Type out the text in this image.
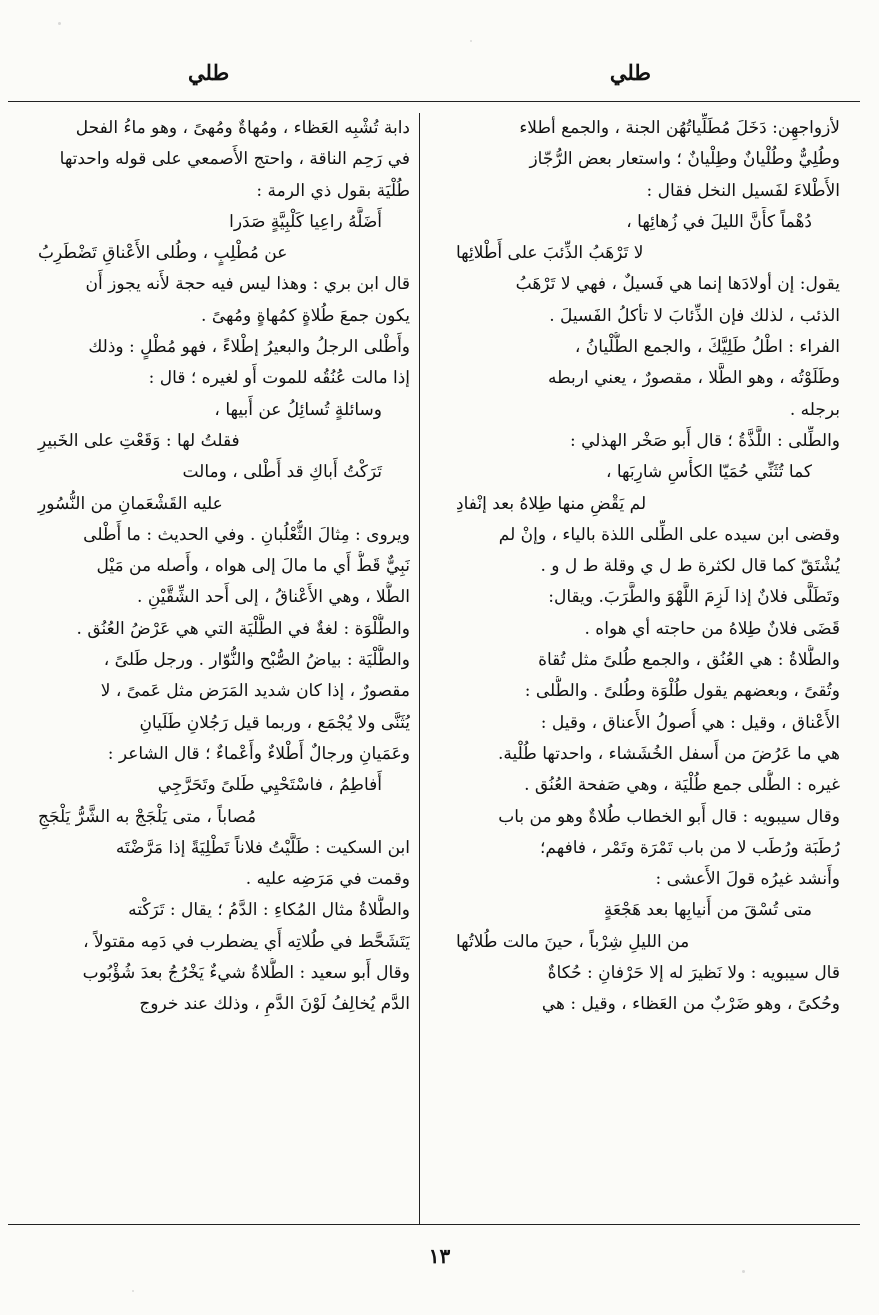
طلي
طلي
لأزواجهِن: دَخَلَ مُطَلِّياتُهُن الجنة ، والجمع أطلاء
وطُلِيٌّ وطُلْيانٌ وطِلْيانٌ ؛ واستعار بعض الرُّجّاز
الأَطْلاءَ لفَسيل النخل فقال :
دُهْماً كأَنَّ الليلَ في زُهائِها ،
لا تَرْهَبُ الذِّئبَ على أَطْلائِها
يقول: إن أولادَها إنما هي فَسيلٌ ، فهي لا تَرْهَبُ
الذئب ، لذلك فإن الذِّئابَ لا تأكلُ الفَسيلَ .
الفراء : اطْلُ طَلِيَّكَ ، والجمع الطُّلْيانُ ،
وطَلَوْتُه ، وهو الطَّلا ، مقصورٌ ، يعني اربطه
برجله .
والطِّلى : اللَّذَّةُ ؛ قال أَبو صَخْر الهذلي :
كما تُثَنِّي حُمَيّا الكأْسِ شارِبَها ،
لم يَقْضِ منها طِلاهُ بعد إنْفادِ
وقضى ابن سيده على الطِّلى اللذة بالياء ، وإنْ لم
يُشْتَقّ كما قال لكثرة ط ل ي وقلة ط ل و .
وتَطَلَّى فلانٌ إذا لَزِمَ اللَّهْوَ والطَّرَبَ. ويقال:
قَضَى فلانٌ طِلاهُ من حاجته أي هواه .
والطُّلاةُ : هي العُنُق ، والجمع طُلىً مثل تُقاة
وتُقىً ، وبعضهم يقول طُلْوَة وطُلىً . والطُّلى :
الأَعْناق ، وقيل : هي أُصولُ الأَعناق ، وقيل :
هي ما عَرُضَ من أَسفل الخُشَشاء ، واحدتها طُلْية.
غيره : الطُّلى جمع طُلْيَة ، وهي صَفحة العُنُق .
وقال سيبويه : قال أَبو الخطاب طُلاةٌ وهو من باب
رُطَبَة ورُطَب لا من باب تَمْرَة وتَمْر ، فافهم؛
وأَنشد غيرُه قولَ الأَعشى :
متى تُسْقَ من أَنيابِها بعد هَجْعَةٍ
من الليلِ شِرْباً ، حينَ مالت طُلاتُها
قال سيبويه : ولا نَظيرَ له إلا حَرْفانِ : حُكاةٌ
وحُكىً ، وهو ضَرْبٌ من العَظاء ، وقيل : هي
دابة تُشْبِه العَظاء ، ومُهاةٌ ومُهىً ، وهو ماءُ الفحل
في رَحِم الناقة ، واحتج الأَصمعي على قوله واحدتها
طُلْيَة بقول ذي الرمة :
أَضَلَّهُ راعِيا كَلْبِيَّةٍ صَدَرا
عن مُطْلِبٍ ، وطُلى الأَعْناقِ تَضْطَرِبُ
قال ابن بري : وهذا ليس فيه حجة لأَنه يجوز أَن
يكون جمعَ طُلاةٍ كمُهاةٍ ومُهىً .
وأَطْلى الرجلُ والبعيرُ إطْلاءً ، فهو مُطْلٍ : وذلك
إذا مالت عُنُقُه للموت أَو لغيره ؛ قال :
وسائلةٍ تُسائِلُ عن أَبيها ،
فقلتُ لها : وَقَعْتِ على الخَبيرِ
تَرَكْتُ أَباكِ قد أَطْلى ، ومالت
عليه القَشْعَمانِ من النُّسُورِ
ويروى : مِثالَ الثُّعْلُبانِ . وفي الحديث : ما أَطْلى
نَبِيٌّ قَطُّ أَي ما مالَ إلى هواه ، وأَصله من مَيْل
الطُّلا ، وهي الأَعْناقُ ، إلى أَحد الشِّقَّيْنِ .
والطُّلْوَة : لغةٌ في الطُّلْيَة التي هي عَرْضُ العُنُق .
والطُّلْيَة : بياضُ الصُّبْح والنُّوّار . ورجل طَلىً ،
مقصورٌ ، إذا كان شديد المَرَض مثل عَمىً ، لا
يُثَنَّى ولا يُجْمَع ، وربما قيل رَجُلانِ طَلَيانِ
وعَمَيانِ ورجالٌ أَطْلاءٌ وأَعْماءٌ ؛ قال الشاعر :
أَفاطِمُ ، فاسْتَحْيِي طَلىً وتَحَرَّجِي
مُصاباً ، متى يَلْجَجْ به الشَّرُّ يَلْجَجِ
ابن السكيت : طَلَّيْتُ فلاناً تَطْلِيَةً إذا مَرَّضْتَه
وقمت في مَرَضِه عليه .
والطُّلاةُ مثال المُكاءِ : الدَّمُ ؛ يقال : تَرَكْته
يَتَشَحَّط في طُلاتِه أَي يضطرب في دَمِه مقتولاً ،
وقال أَبو سعيد : الطُّلاةُ شيءٌ يَخْرُجُ بعدَ شُؤْبُوب
الدَّم يُخالِفُ لَوْنَ الدَّمِ ، وذلك عند خروج
١٣
